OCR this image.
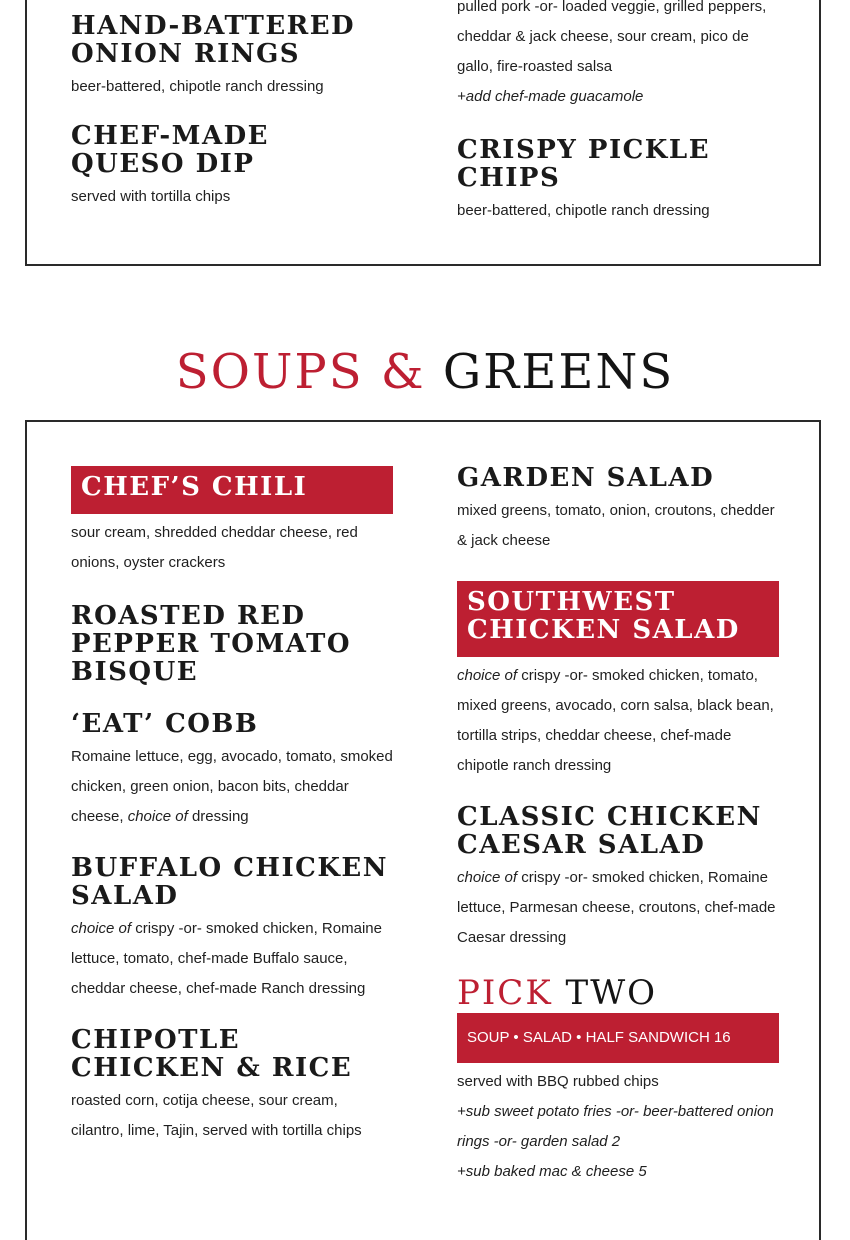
HAND-BATTERED ONION RINGS

beer-battered, chipotle ranch dressing

CHEF-MADE QUESO DIP

served with tortilla chips

pulled pork -or- loaded veggie, grilled peppers, cheddar & jack cheese, sour cream, pico de gallo, fire-roasted salsa

+add chef-made guacamole

CRISPY PICKLE CHIPS

beer-battered, chipotle ranch dressing

SOUPS & GREENS
CHEF’S CHILI

sour cream, shredded cheddar cheese, red onions, oyster crackers

ROASTED RED PEPPER TOMATO BISQUE
‘EAT’ COBB

Romaine lettuce, egg, avocado, tomato, smoked chicken, green onion, bacon bits, cheddar cheese, choice of dressing

BUFFALO CHICKEN SALAD

choice of crispy -or- smoked chicken, Romaine lettuce, tomato, chef-made Buffalo sauce, cheddar cheese, chef-made Ranch dressing

CHIPOTLE CHICKEN & RICE

roasted corn, cotija cheese, sour cream, cilantro, lime, Tajin, served with tortilla chips

GARDEN SALAD

mixed greens, tomato, onion, croutons, chedder & jack cheese

SOUTHWEST CHICKEN SALAD

choice of crispy -or- smoked chicken, tomato, mixed greens, avocado, corn salsa, black bean, tortilla strips, cheddar cheese, chef-made chipotle ranch dressing

CLASSIC CHICKEN CAESAR SALAD

choice of crispy -or- smoked chicken, Romaine lettuce, Parmesan cheese, croutons, chef-made Caesar dressing

PICK TWO
SOUP • SALAD • HALF SANDWICH 16

served with BBQ rubbed chips

+sub sweet potato fries -or- beer-battered onion rings -or- garden salad 2

+sub baked mac & cheese 5
